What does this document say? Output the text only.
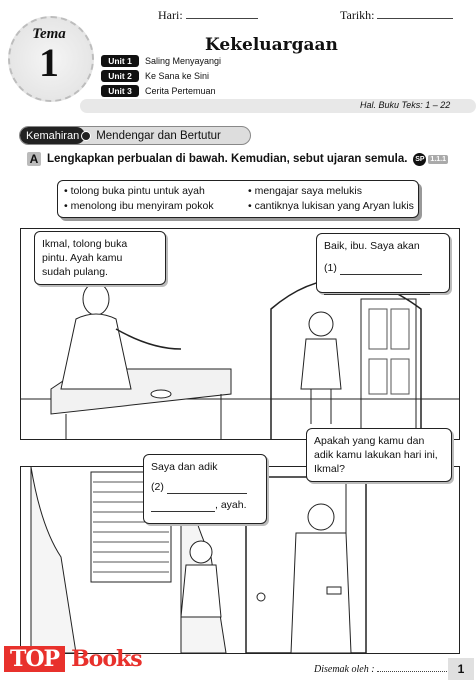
Hari:	Tarikh:
Tema
1	Kekeluargaan
Unit 1	Saling Menyayangi
Unit 2	Ke Sana ke Sini
Unit 3	Cerita Pertemuan
Hal. Buku Teks: 1 – 22
Kemahiran	Mendengar dan Bertutur
A Lengkapkan perbualan di bawah. Kemudian, sebut ujaran semula. SP 1.1.1
• tolong buka pintu untuk ayah
• menolong ibu menyiram pokok
• mengajar saya melukis
• cantiknya lukisan yang Aryan lukis
Ikmal, tolong buka
pintu. Ayah kamu
sudah pulang.
Baik, ibu. Saya akan
(1)
Saya dan adik
(2)
, ayah.
Apakah yang kamu dan
adik kamu lakukan hari ini,
Ikmal?
TOP Books	Disemak oleh :	1
